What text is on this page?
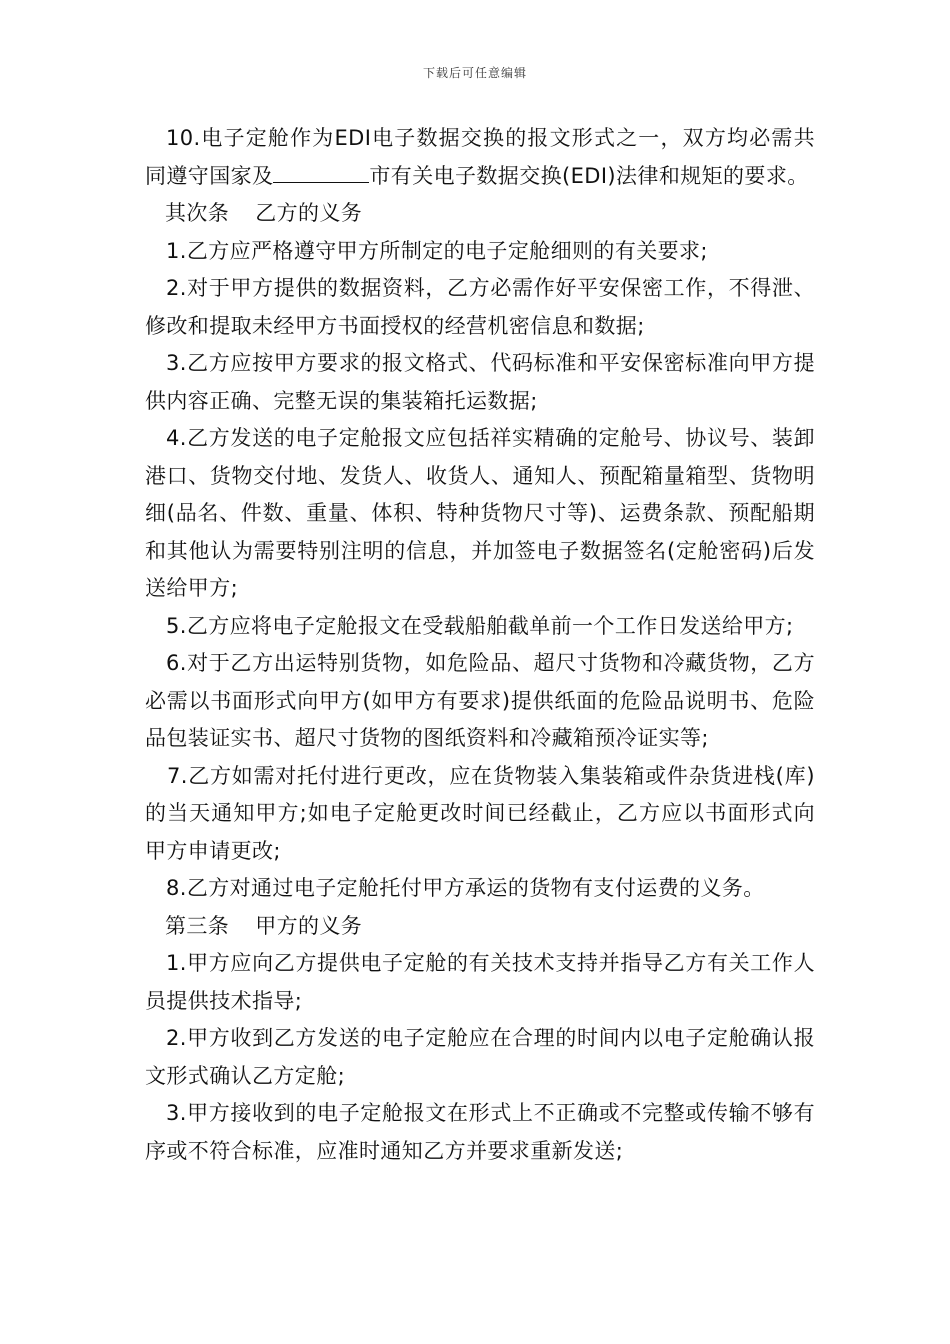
下载后可任意编辑

10.电子定舱作为EDI电子数据交换的报文形式之一，双方均必需共同遵守国家及	市有关电子数据交换(EDI)法律和规矩的要求。

其次条 乙方的义务

1.乙方应严格遵守甲方所制定的电子定舱细则的有关要求;

2.对于甲方提供的数据资料，乙方必需作好平安保密工作，不得泄、修改和提取未经甲方书面授权的经营机密信息和数据;

3.乙方应按甲方要求的报文格式、代码标准和平安保密标准向甲方提供内容正确、完整无误的集装箱托运数据;

4.乙方发送的电子定舱报文应包括祥实精确的定舱号、协议号、装卸港口、货物交付地、发货人、收货人、通知人、预配箱量箱型、货物明细(品名、件数、重量、体积、特种货物尺寸等)、运费条款、预配船期和其他认为需要特别注明的信息，并加签电子数据签名(定舱密码)后发送给甲方;

5.乙方应将电子定舱报文在受载船舶截单前一个工作日发送给甲方;

6.对于乙方出运特别货物，如危险品、超尺寸货物和冷藏货物，乙方必需以书面形式向甲方(如甲方有要求)提供纸面的危险品说明书、危险品包装证实书、超尺寸货物的图纸资料和冷藏箱预冷证实等;

7.乙方如需对托付进行更改，应在货物装入集装箱或件杂货进栈(库)的当天通知甲方;如电子定舱更改时间已经截止，乙方应以书面形式向甲方申请更改;

8.乙方对通过电子定舱托付甲方承运的货物有支付运费的义务。

第三条 甲方的义务

1.甲方应向乙方提供电子定舱的有关技术支持并指导乙方有关工作人员提供技术指导;

2.甲方收到乙方发送的电子定舱应在合理的时间内以电子定舱确认报文形式确认乙方定舱;

3.甲方接收到的电子定舱报文在形式上不正确或不完整或传输不够有序或不符合标准，应准时通知乙方并要求重新发送;
